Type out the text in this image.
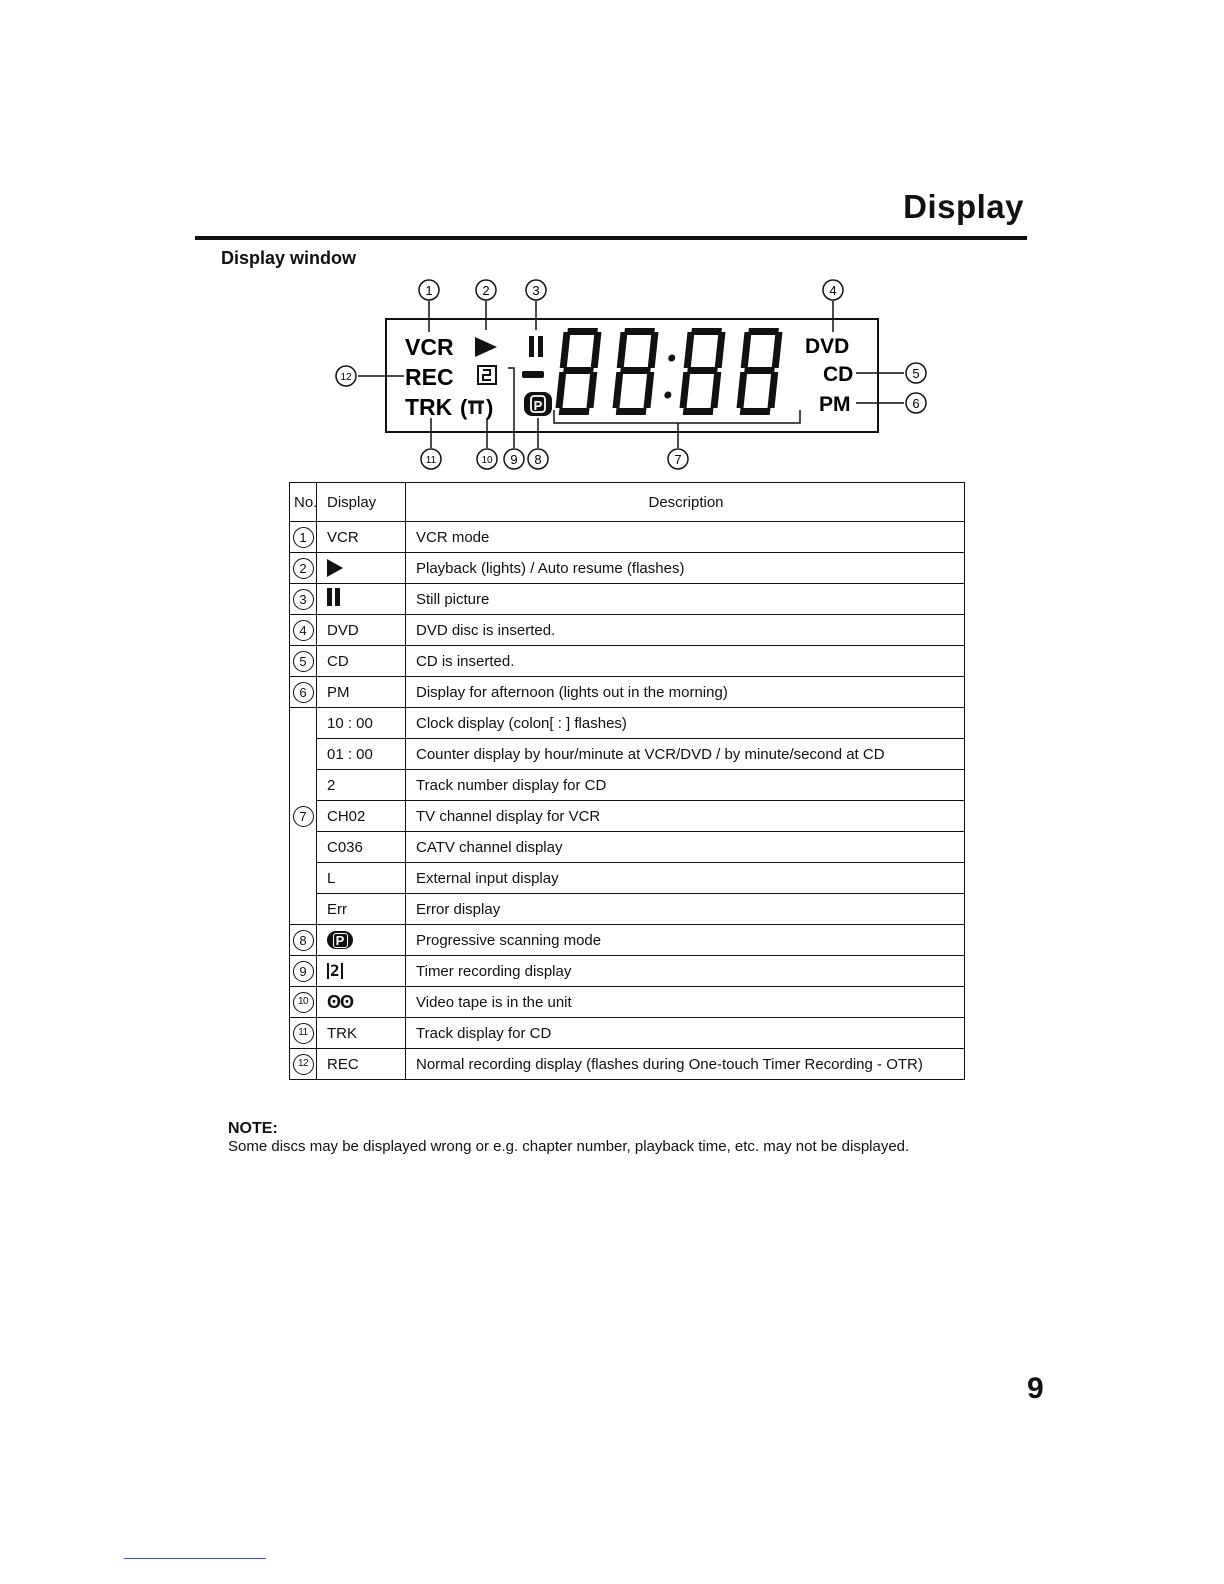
Display
Display window
1	2	3	4
5
6
7
8
9
10
11
12
VCR
REC
TRK ( )	P
DVD
CD
PM
No.	Display	Description
1	VCR	VCR mode
2		Playback (lights) / Auto resume (flashes)
3		Still picture
4	DVD	DVD disc is inserted.
5	CD	CD is inserted.
6	PM	Display for afternoon (lights out in the morning)
7	10 : 00	Clock display (colon[ : ] flashes)
	01 : 00	Counter display by hour/minute at VCR/DVD / by minute/second at CD
	2	Track number display for CD
	CH02	TV channel display for VCR
	C036	CATV channel display
	L	External input display
	Err	Error display
8	P	Progressive scanning mode
9	2	Timer recording display
10	ʘʘ	Video tape is in the unit
11	TRK	Track display for CD
12	REC	Normal recording display (flashes during One-touch Timer Recording - OTR)
NOTE:
Some discs may be displayed wrong or e.g. chapter number, playback time, etc. may not be displayed.
9
